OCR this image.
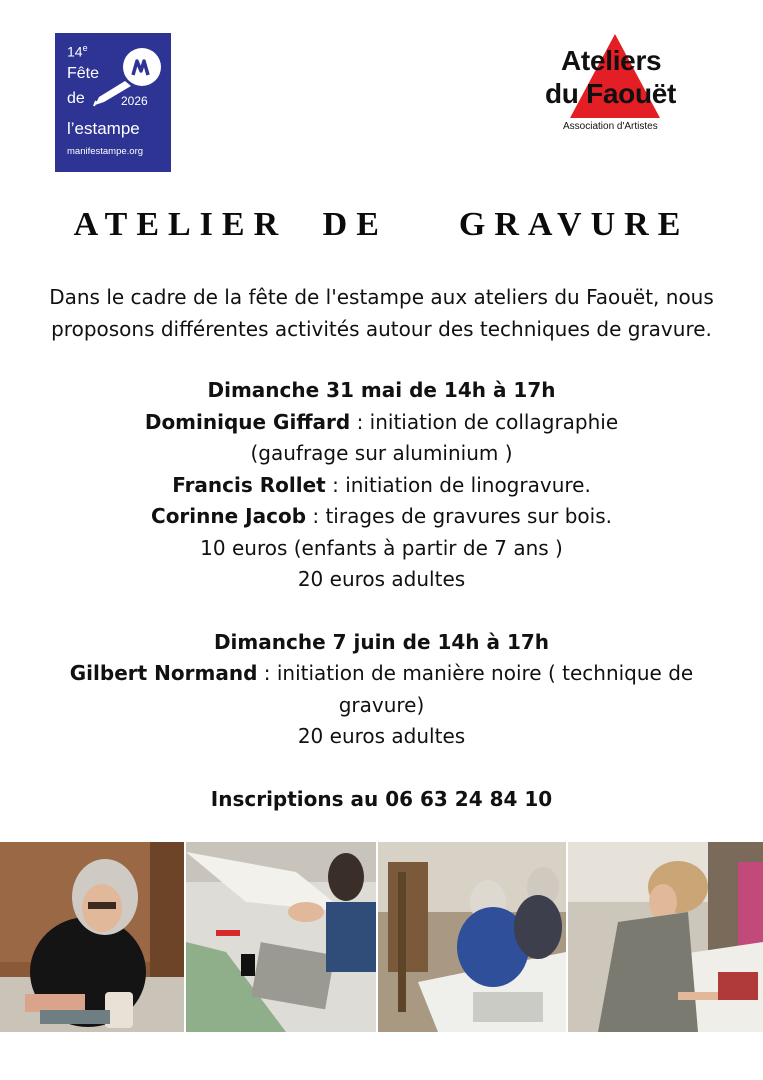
14e
Fête
de	2026
l’estampe
manifestampe.org
Ateliers
du Faouët
Association d'Artistes
ATELIER DE  GRAVURE

Dans le cadre de la fête de l'estampe aux ateliers du Faouët, nous

proposons différentes activités autour des techniques de gravure.

Dimanche 31 mai de 14h à 17h

Dominique Giffard : initiation de collagraphie

(gaufrage sur aluminium )

Francis Rollet : initiation de linogravure.

Corinne Jacob : tirages de gravures sur bois.

10 euros (enfants à partir de 7 ans )

20 euros adultes

Dimanche 7 juin de 14h à 17h

Gilbert Normand : initiation de manière noire ( technique de

gravure)

20 euros adultes

Inscriptions au 06 63 24 84 10
